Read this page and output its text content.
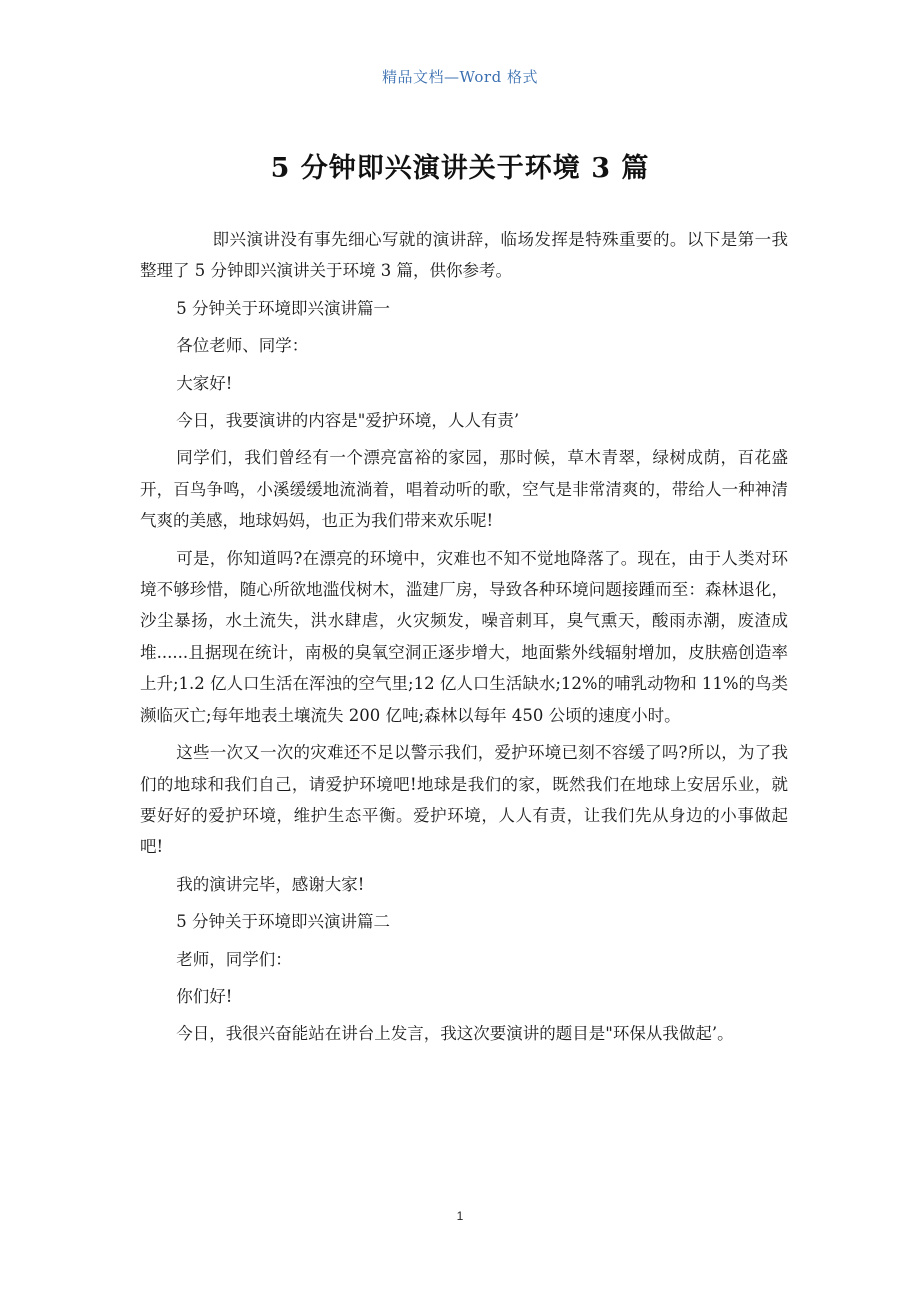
精品文档—Word 格式
5 分钟即兴演讲关于环境 3 篇

即兴演讲没有事先细心写就的演讲辞，临场发挥是特殊重要的。以下是第一我整理了 5 分钟即兴演讲关于环境 3 篇，供你参考。

5 分钟关于环境即兴演讲篇一

各位老师、同学：

大家好!

今日，我要演讲的内容是"爱护环境，人人有责’

同学们，我们曾经有一个漂亮富裕的家园，那时候，草木青翠，绿树成荫，百花盛开，百鸟争鸣，小溪缓缓地流淌着，唱着动听的歌，空气是非常清爽的，带给人一种神清气爽的美感，地球妈妈，也正为我们带来欢乐呢!

可是，你知道吗?在漂亮的环境中，灾难也不知不觉地降落了。现在，由于人类对环境不够珍惜，随心所欲地滥伐树木，滥建厂房，导致各种环境问题接踵而至：森林退化，沙尘暴扬，水土流失，洪水肆虐，火灾频发，噪音刺耳，臭气熏天，酸雨赤潮，废渣成堆......且据现在统计，南极的臭氧空洞正逐步增大，地面紫外线辐射增加，皮肤癌创造率上升;1.2 亿人口生活在浑浊的空气里;12 亿人口生活缺水;12%的哺乳动物和 11%的鸟类濒临灭亡;每年地表土壤流失 200 亿吨;森林以每年 450 公顷的速度小时。

这些一次又一次的灾难还不足以警示我们，爱护环境已刻不容缓了吗?所以，为了我们的地球和我们自己，请爱护环境吧!地球是我们的家，既然我们在地球上安居乐业，就要好好的爱护环境，维护生态平衡。爱护环境，人人有责，让我们先从身边的小事做起吧!

我的演讲完毕，感谢大家!

5 分钟关于环境即兴演讲篇二

老师，同学们：

你们好!

今日，我很兴奋能站在讲台上发言，我这次要演讲的题目是"环保从我做起’。

1
